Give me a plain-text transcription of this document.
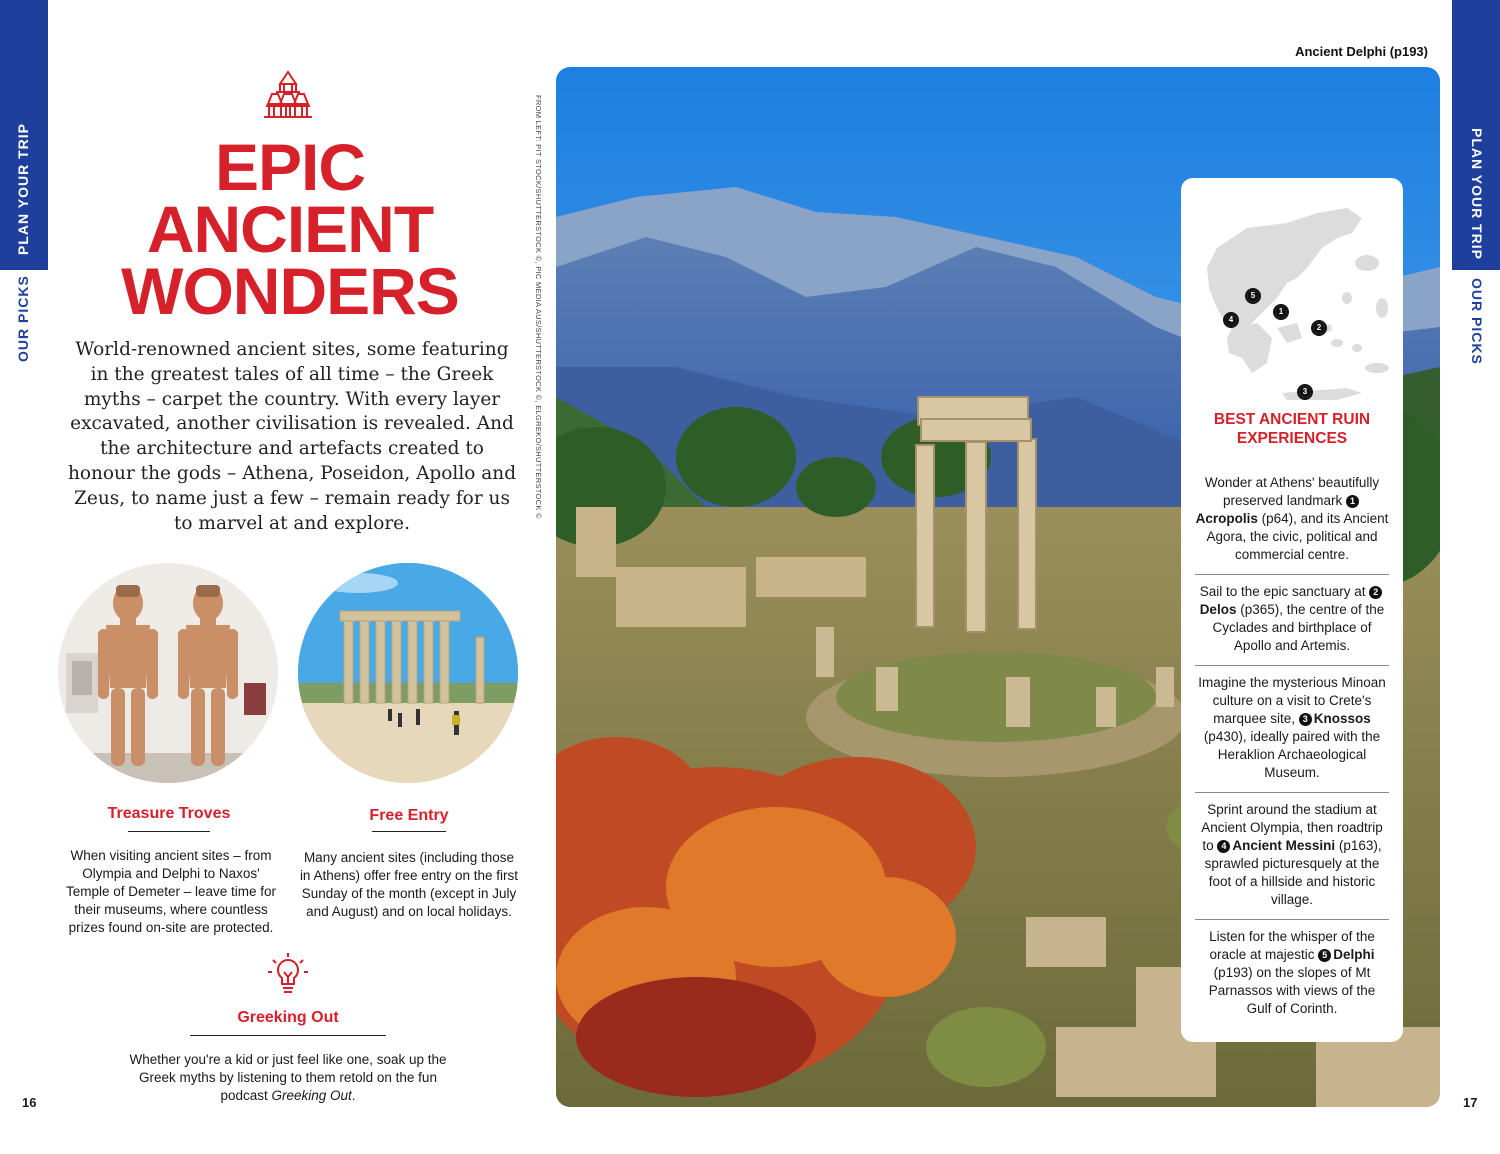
PLAN YOUR TRIP
OUR PICKS
PLAN YOUR TRIP
OUR PICKS
16	17
EPIC
ANCIENT
WONDERS

World-renowned ancient sites, some featuring in the greatest tales of all time – the Greek myths – carpet the country. With every layer excavated, another civilisation is revealed. And the architecture and artefacts created to honour the gods – Athena, Poseidon, Apollo and Zeus, to name just a few – remain ready for us to marvel at and explore.

Treasure Troves

When visiting ancient sites – from Olympia and Delphi to Naxos' Temple of Demeter – leave time for their museums, where countless prizes found on-site are protected.

Free Entry

Many ancient sites (including those in Athens) offer free entry on the first Sunday of the month (except in July and August) and on local holidays.

Greeking Out

Whether you're a kid or just feel like one, soak up the Greek myths by listening to them retold on the fun podcast Greeking Out.

FROM LEFT: PIT STOCK/SHUTTERSTOCK ©, PIC MEDIA AUS/SHUTTERSTOCK ©, ELGREKO/SHUTTERSTOCK ©
Ancient Delphi (p193)
5
1
4
2
3
BEST ANCIENT RUIN
EXPERIENCES
Wonder at Athens' beautifully preserved landmark 1Acropolis (p64), and its Ancient Agora, the civic, political and commercial centre.
Sail to the epic sanctuary at 2Delos (p365), the centre of the Cyclades and birthplace of Apollo and Artemis.
Imagine the mysterious Minoan culture on a visit to Crete's marquee site, 3 Knossos (p430), ideally paired with the Heraklion Archaeological Museum.
Sprint around the stadium at Ancient Olympia, then roadtrip to 4 Ancient Messini (p163), sprawled picturesquely at the foot of a hillside and historic village.
Listen for the whisper of the oracle at majestic 5 Delphi (p193) on the slopes of Mt Parnassos with views of the Gulf of Corinth.
